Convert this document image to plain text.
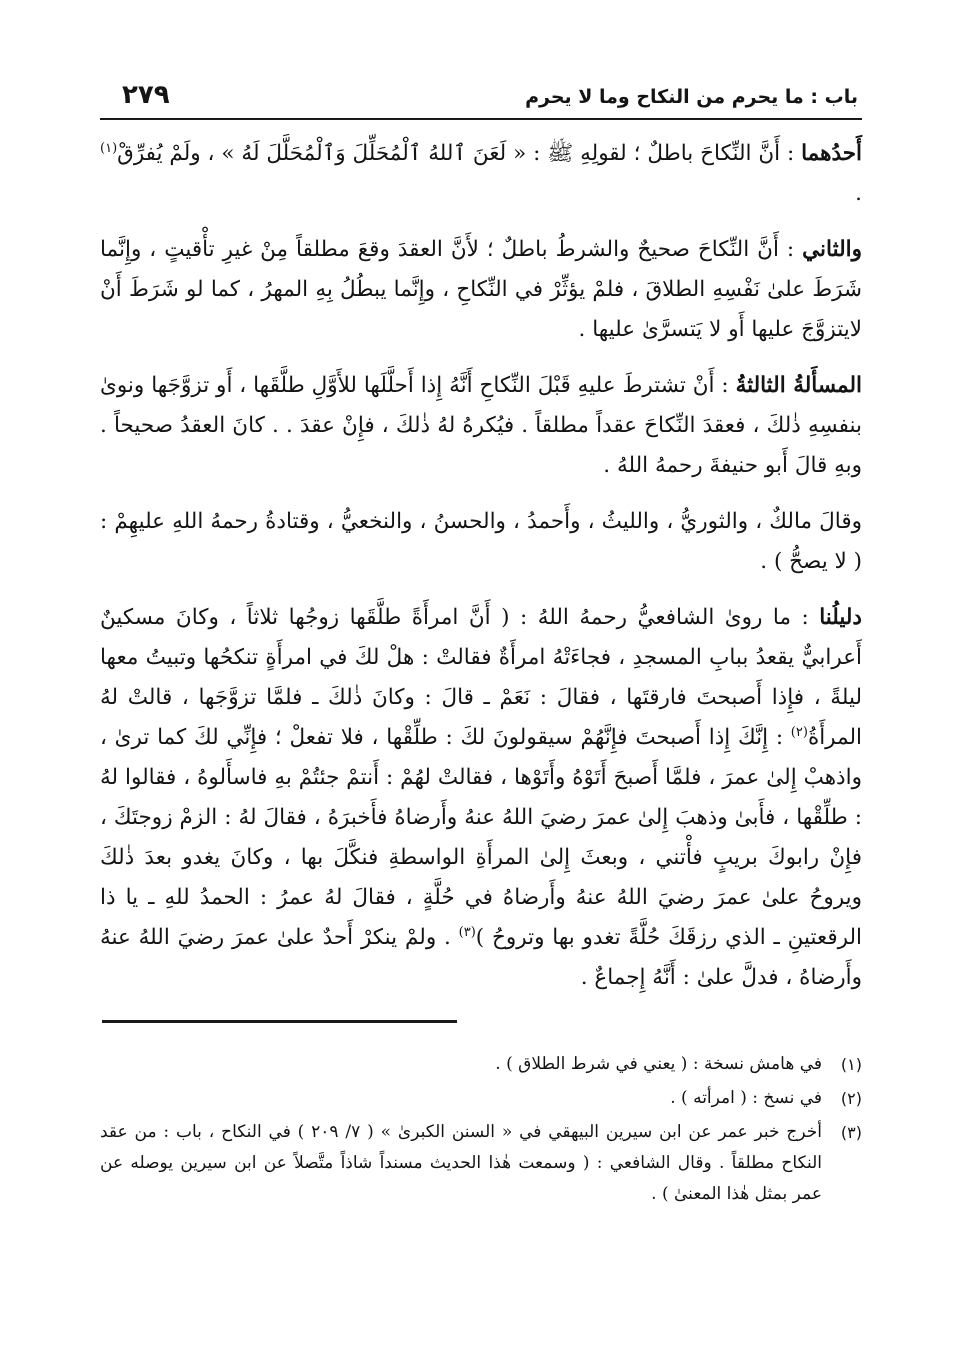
باب : ما يحرم من النكاح وما لا يحرم
٢٧٩

أَحدُهما : أَنَّ النِّكاحَ باطلٌ ؛ لقولِهِ ﷺ : « لَعَنَ ٱللهُ ٱلْمُحَلِّلَ وَٱلْمُحَلَّلَ لَهُ » ، ولَمْ يُفرِّقْ$^{(١)}$ .

والثاني : أَنَّ النِّكاحَ صحيحٌ والشرطُ باطلٌ ؛ لأَنَّ العقدَ وقعَ مطلقاً مِنْ غيرِ تأْقيتٍ ، وإِنَّما شَرَطَ علىٰ نَفْسِهِ الطلاقَ ، فلمْ يؤثِّرْ في النِّكاحِ ، وإِنَّما يبطُلُ بِهِ المهرُ ، كما لو شَرَطَ أَنْ لايتزوَّجَ عليها أَو لا يَتسرَّىٰ عليها .

المسأَلةُ الثالثةُ : أَنْ تشترطَ عليهِ قَبْلَ النِّكاحِ أَنَّهُ إِذا أَحلَّلَها للأَوَّلِ طلَّقَها ، أَو تزوَّجَها ونوىٰ بنفسِهِ ذٰلكَ ، فعقدَ النِّكاحَ عقداً مطلقاً . فيُكرهُ لهُ ذٰلكَ ، فإِنْ عقدَ . . كانَ العقدُ صحيحاً . وبهِ قالَ أَبو حنيفةَ رحمهُ اللهُ .

وقالَ مالكٌ ، والثوريُّ ، والليثُ ، وأَحمدُ ، والحسنُ ، والنخعيُّ ، وقتادةُ رحمهُ اللهِ عليهِمْ : ( لا يصحُّ ) .

دليلُنا : ما روىٰ الشافعيُّ رحمهُ اللهُ : ( أَنَّ امرأَةً طلَّقَها زوجُها ثلاثاً ، وكانَ مسكينٌ أَعرابيٌّ يقعدُ ببابِ المسجدِ ، فجاءَتْهُ امرأَةٌ فقالتْ : هلْ لكَ في امرأَةٍ تنكحُها وتبيتُ معها ليلةً ، فإِذا أَصبحتَ فارقتَها ، فقالَ : نَعَمْ ـ قالَ : وكانَ ذٰلكَ ـ فلمَّا تزوَّجَها ، قالتْ لهُ المرأَةُ$^{(٢)}$ : إِنَّكَ إِذا أَصبحتَ فإِنَّهُمْ سيقولونَ لكَ : طلِّقْها ، فلا تفعلْ ؛ فإِنِّي لكَ كما ترىٰ ، واذهبْ إِلىٰ عمرَ ، فلمَّا أَصبحَ أَتَوْهُ وأَتَوْها ، فقالتْ لهُمْ : أَنتمْ جئتُمْ بهِ فاسأَلوهُ ، فقالوا لهُ : طلِّقْها ، فأَبىٰ وذهبَ إِلىٰ عمرَ رضيَ اللهُ عنهُ وأَرضاهُ فأَخبرَهُ ، فقالَ لهُ : الزمْ زوجتَكَ ، فإِنْ رابوكَ بريبٍ فأْتني ، وبعثَ إِلىٰ المرأَةِ الواسطةِ فنكَّلَ بها ، وكانَ يغدو بعدَ ذٰلكَ ويروحُ علىٰ عمرَ رضيَ اللهُ عنهُ وأَرضاهُ في حُلَّةٍ ، فقالَ لهُ عمرُ : الحمدُ للهِ ـ يا ذا الرقعتينِ ـ الذي رزقَكَ حُلَّةً تغدو بها وتروحُ )$^{(٣)}$ . ولمْ ينكرْ أَحدٌ علىٰ عمرَ رضيَ اللهُ عنهُ وأَرضاهُ ، فدلَّ علىٰ : أَنَّهُ إِجماعٌ .

(١)
في هامش نسخة : ( يعني في شرط الطلاق ) .
(٢)
في نسخ : ( امرأته ) .
(٣)
أخرج خبر عمر عن ابن سيرين البيهقي في « السنن الكبرىٰ » ( ٧/ ٢٠٩ ) في النكاح ، باب : من عقد النكاح مطلقاً . وقال الشافعي : ( وسمعت هٰذا الحديث مسنداً شاذاً متَّصلاً عن ابن سيرين يوصله عن عمر بمثل هٰذا المعنىٰ ) .
